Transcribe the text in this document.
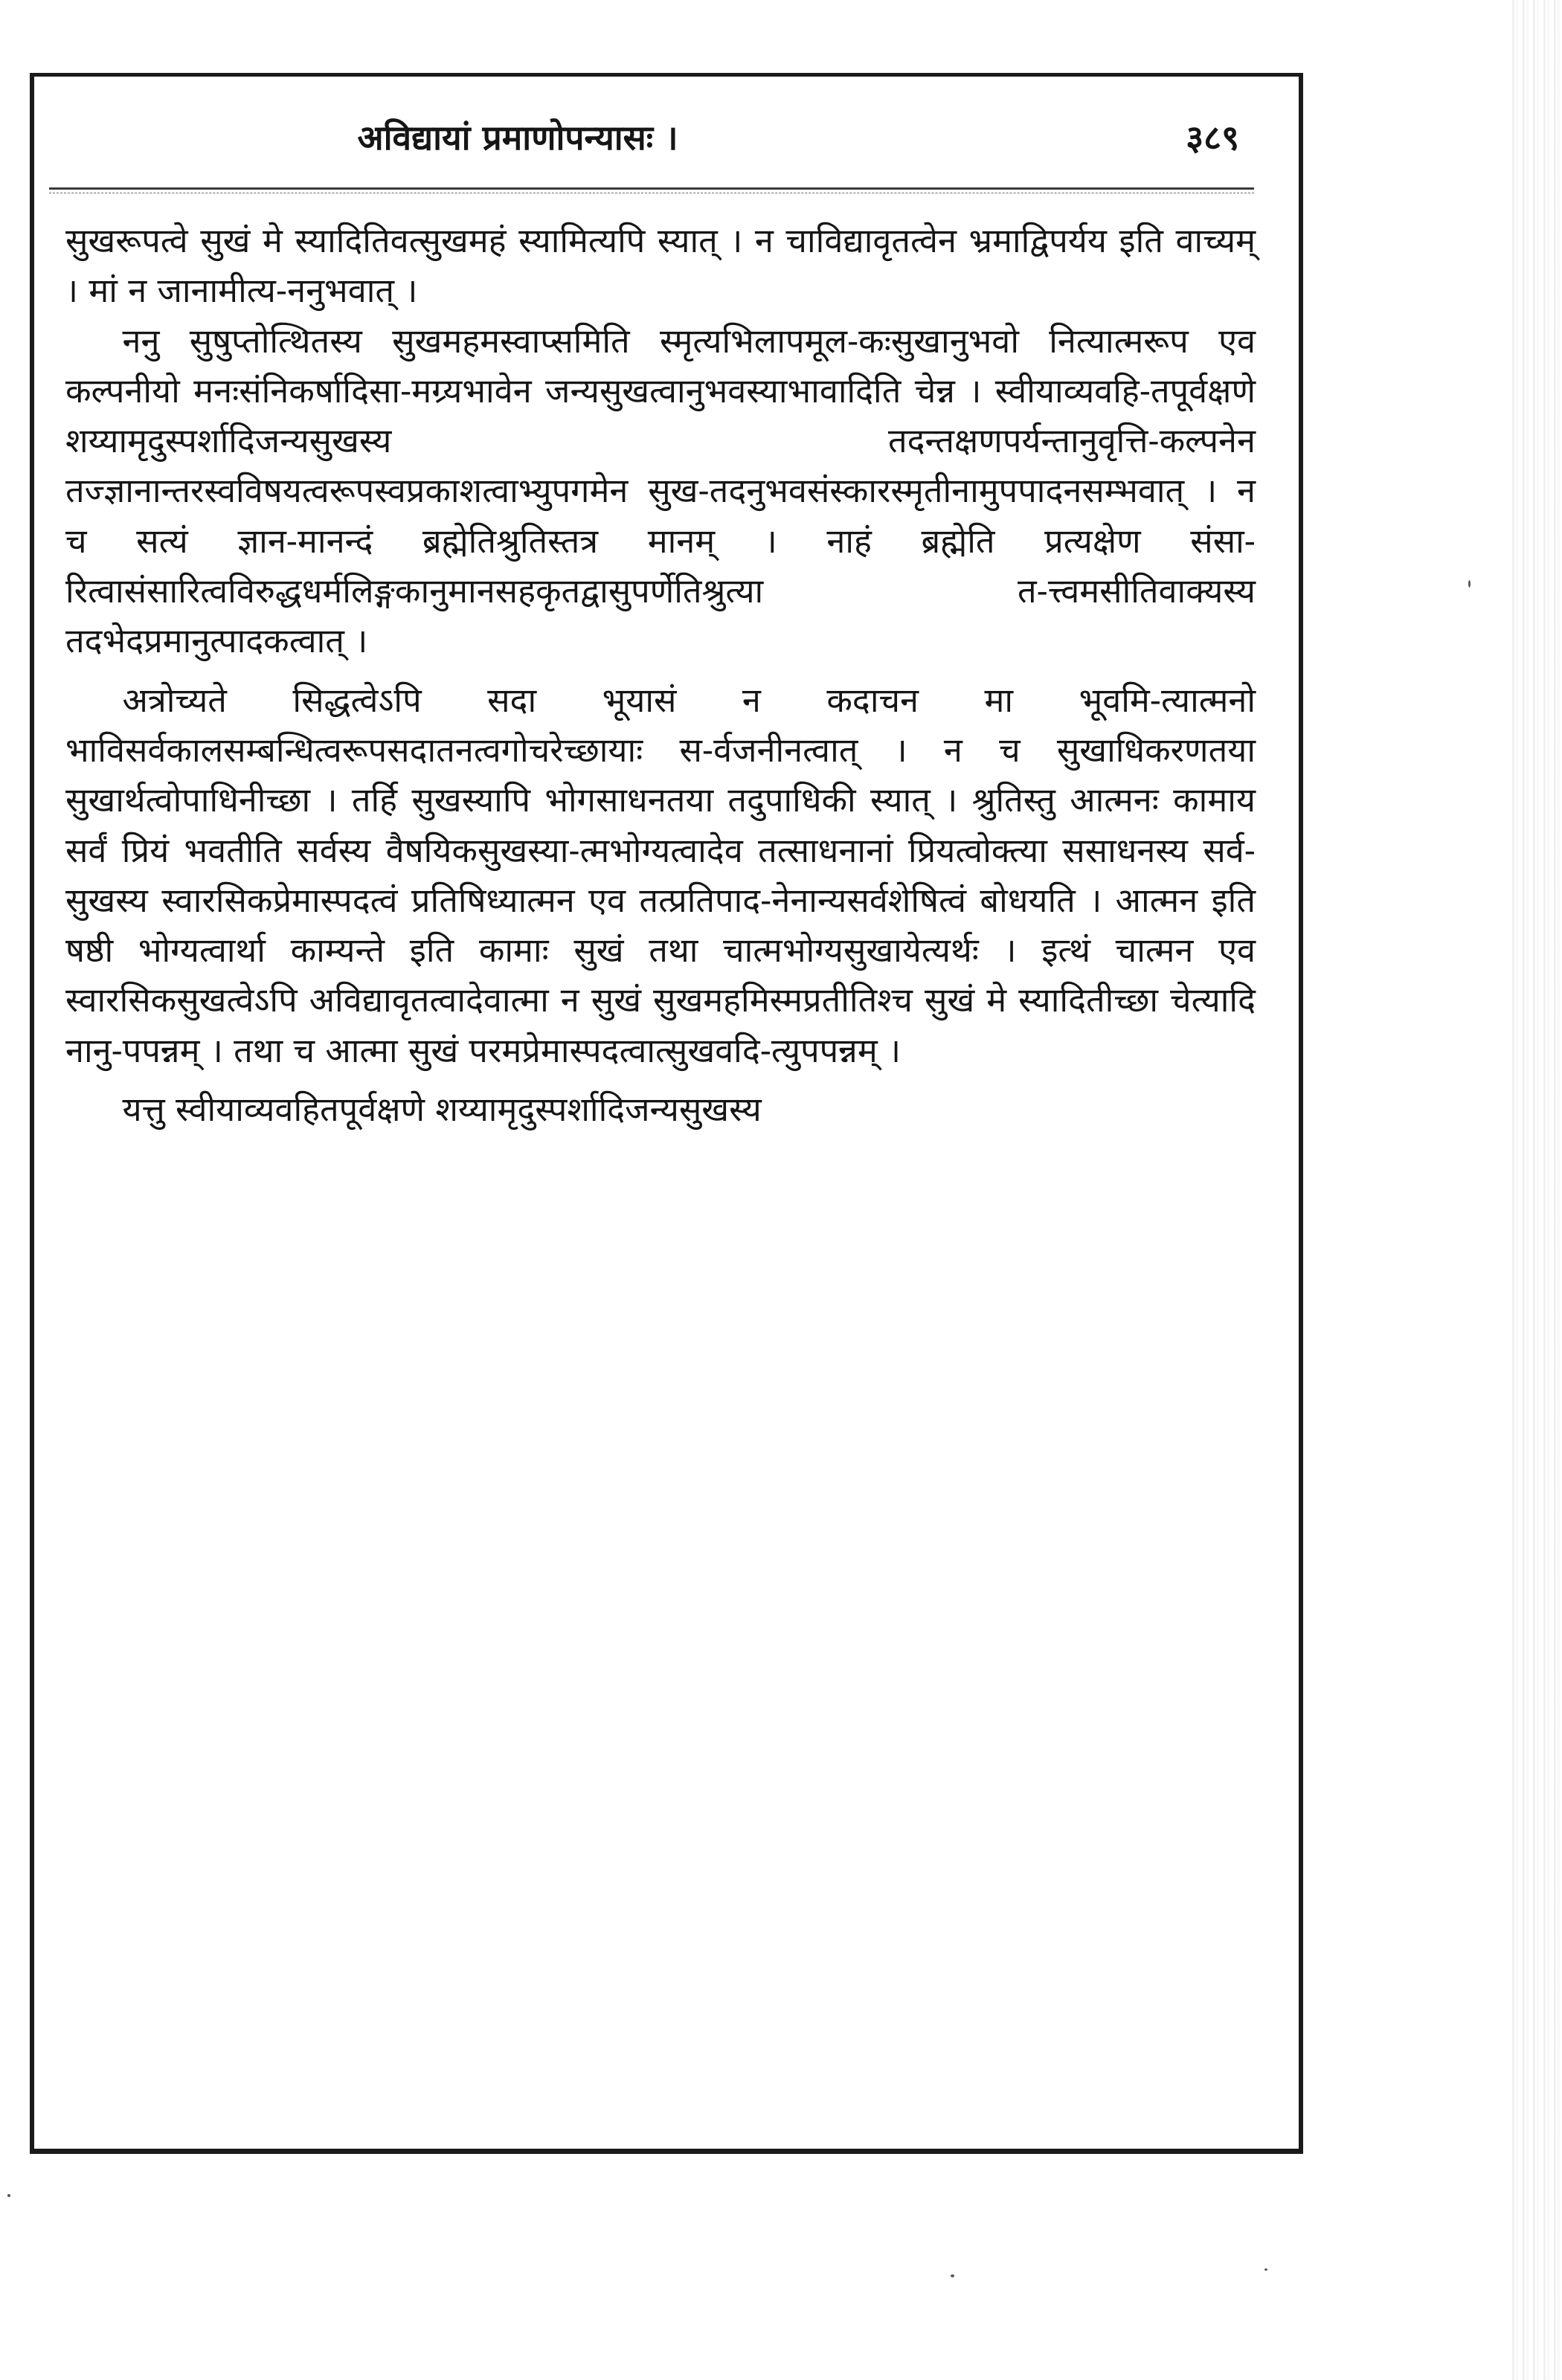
अविद्यायां प्रमाणोपन्यासः ।	३८९

सुखरूपत्वे सुखं मे स्यादितिवत्सुखमहं स्यामित्यपि स्यात् । न चाविद्यावृतत्वेन भ्रमाद्विपर्यय इति वाच्यम् । मां न जानामीत्य-ननुभवात् ।

ननु सुषुप्तोत्थितस्य सुखमहमस्वाप्समिति स्मृत्यभिलापमूल-कःसुखानुभवो नित्यात्मरूप एव कल्पनीयो मनःसंनिकर्षादिसा-मग्र्यभावेन जन्यसुखत्वानुभवस्याभावादिति चेन्न । स्वीयाव्यवहि-तपूर्वक्षणे शय्यामृदुस्पर्शादिजन्यसुखस्य तदन्तक्षणपर्यन्तानुवृत्ति-कल्पनेन तज्ज्ञानान्तरस्वविषयत्वरूपस्वप्रकाशत्वाभ्युपगमेन सुख-तदनुभवसंस्कारस्मृतीनामुपपादनसम्भवात् । न च सत्यं ज्ञान-मानन्दं ब्रह्मेतिश्रुतिस्तत्र मानम् । नाहं ब्रह्मेति प्रत्यक्षेण संसा-रित्वासंसारित्वविरुद्धधर्मलिङ्गकानुमानसहकृतद्वासुपर्णेतिश्रुत्या त-त्त्वमसीतिवाक्यस्य तदभेदप्रमानुत्पादकत्वात् ।

अत्रोच्यते सिद्धत्वेऽपि सदा भूयासं न कदाचन मा भूवमि-त्यात्मनो भाविसर्वकालसम्बन्धित्वरूपसदातनत्वगोचरेच्छायाः स-र्वजनीनत्वात् । न च सुखाधिकरणतया सुखार्थत्वोपाधिनीच्छा । तर्हि सुखस्यापि भोगसाधनतया तदुपाधिकी स्यात् । श्रुतिस्तु आत्मनः कामाय सर्वं प्रियं भवतीति सर्वस्य वैषयिकसुखस्या-त्मभोग्यत्वादेव तत्साधनानां प्रियत्वोक्त्या ससाधनस्य सर्व-सुखस्य स्वारसिकप्रेमास्पदत्वं प्रतिषिध्यात्मन एव तत्प्रतिपाद-नेनान्यसर्वशेषित्वं बोधयति । आत्मन इति षष्ठी भोग्यत्वार्था काम्यन्ते इति कामाः सुखं तथा चात्मभोग्यसुखायेत्यर्थः । इत्थं चात्मन एव स्वारसिकसुखत्वेऽपि अविद्यावृतत्वादेवात्मा न सुखं सुखमहमिस्मप्रतीतिश्च सुखं मे स्यादितीच्छा चेत्यादि नानु-पपन्नम् । तथा च आत्मा सुखं परमप्रेमास्पदत्वात्सुखवदि-त्युपपन्नम् ।

यत्तु स्वीयाव्यवहितपूर्वक्षणे शय्यामृदुस्पर्शादिजन्यसुखस्य
